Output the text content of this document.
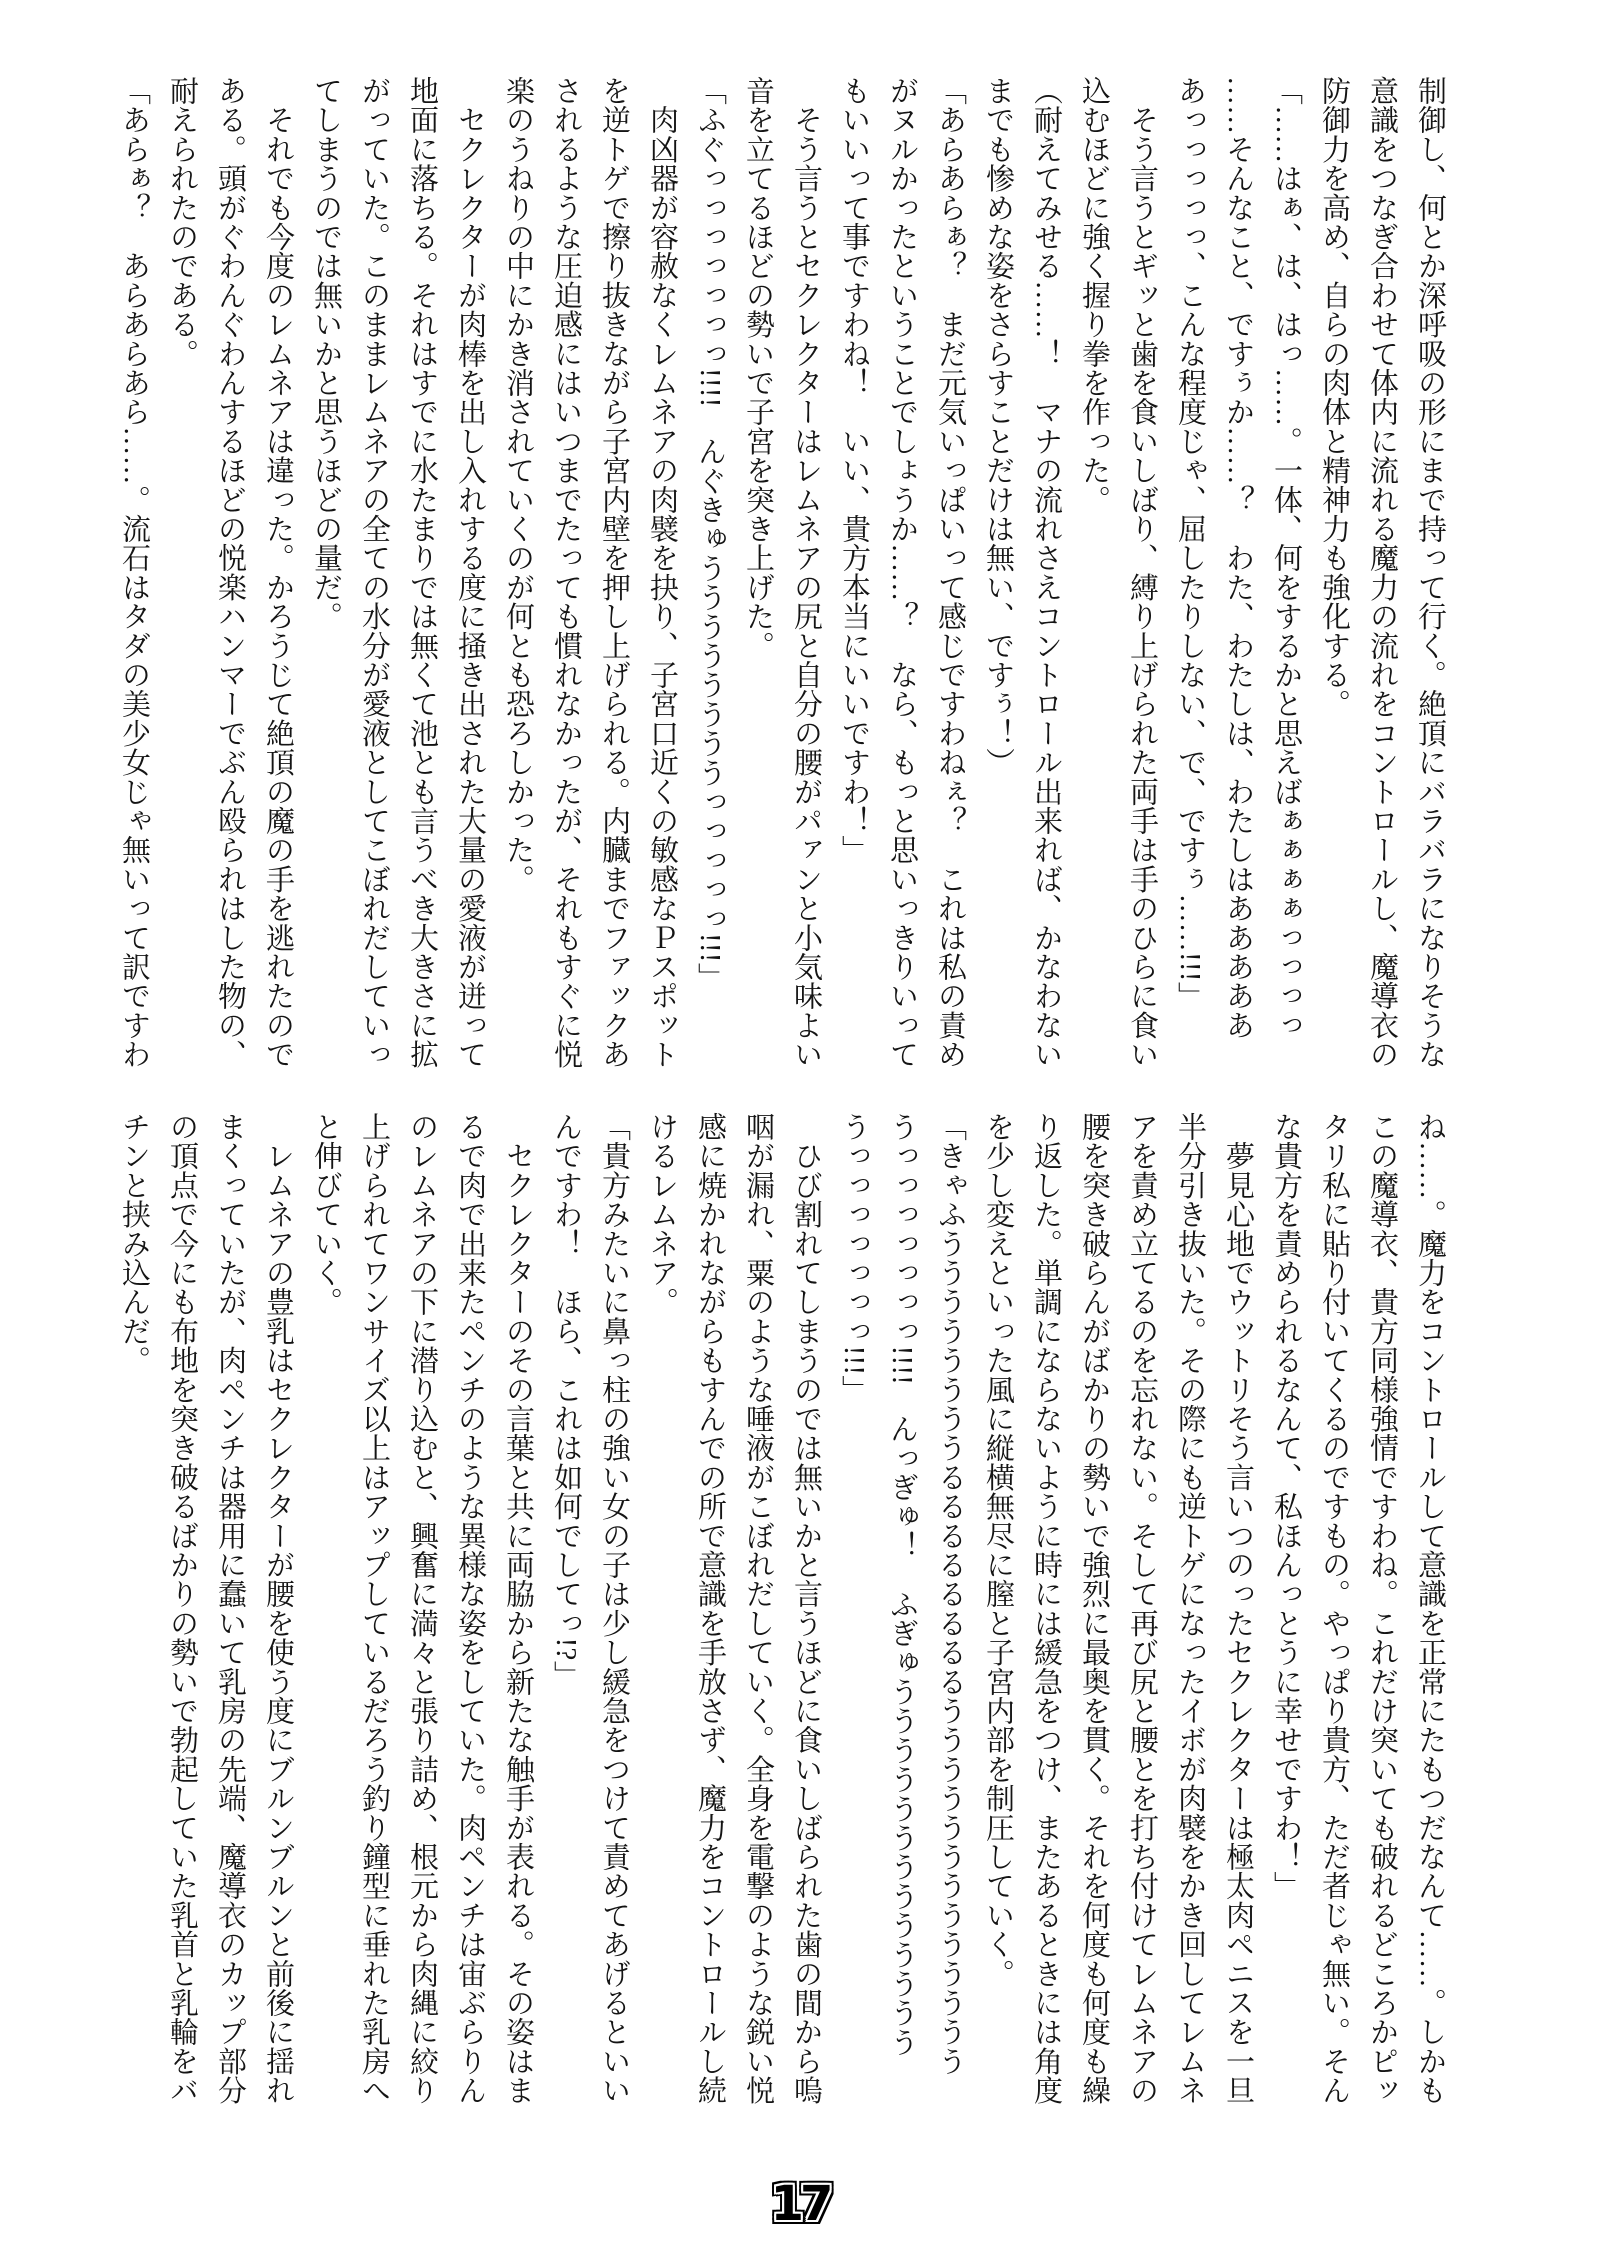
制御し、何とか深呼吸の形にまで持って行く。絶頂にバラバラになりそうな

意識をつなぎ合わせて体内に流れる魔力の流れをコントロールし、魔導衣の

防御力を高め、自らの肉体と精神力も強化する。

「……はぁ、は、はっ……。一体、何をするかと思えばぁぁぁぁっっっっ

……そんなこと、ですぅか……？　わた、わたしは、わたしはあああああ

あっっっっっ、こんな程度じゃ、屈したりしない、で、ですぅ……!!!」

　そう言うとギッと歯を食いしばり、縛り上げられた両手は手のひらに食い

込むほどに強く握り拳を作った。

（耐えてみせる……！　マナの流れさえコントロール出来れば、かなわない

までも惨めな姿をさらすことだけは無い、ですぅ！）

「あらあらぁ？　まだ元気いっぱいって感じですわねぇ？　これは私の責め

がヌルかったということでしょうか……？　なら、もっと思いっきりいって

もいいって事ですわね！　いい、貴方本当にいいですわ！」

　そう言うとセクレクターはレムネアの尻と自分の腰がパァンと小気味よい

音を立てるほどの勢いで子宮を突き上げた。

「ふぐっっっっっっっ!!!!　んぐきゅううううううううっっっっっ!!!」

　肉凶器が容赦なくレムネアの肉襞を抉り、子宮口近くの敏感なＰスポット

を逆トゲで擦り抜きながら子宮内壁を押し上げられる。内臓までファックあ

されるような圧迫感にはいつまでたっても慣れなかったが、それもすぐに悦

楽のうねりの中にかき消されていくのが何とも恐ろしかった。

　セクレクターが肉棒を出し入れする度に掻き出された大量の愛液が迸って

地面に落ちる。それはすでに水たまりでは無くて池とも言うべき大きさに拡

がっていた。このままレムネアの全ての水分が愛液としてこぼれだしていっ

てしまうのでは無いかと思うほどの量だ。

　それでも今度のレムネアは違った。かろうじて絶頂の魔の手を逃れたので

ある。頭がぐわんぐわんするほどの悦楽ハンマーでぶん殴られはした物の、

耐えられたのである。

「あらぁ？　あらあらあら……。流石はタダの美少女じゃ無いって訳ですわ

ね……。魔力をコントロールして意識を正常にたもつだなんて……。しかも

この魔導衣、貴方同様強情ですわね。これだけ突いても破れるどころかピッ

タリ私に貼り付いてくるのですもの。やっぱり貴方、ただ者じゃ無い。そん

な貴方を責められるなんて、私ほんっとうに幸せですわ！」

　夢見心地でウットリそう言いつのったセクレクターは極太肉ペニスを一旦

半分引き抜いた。その際にも逆トゲになったイボが肉襞をかき回してレムネ

アを責め立てるのを忘れない。そして再び尻と腰とを打ち付けてレムネアの

腰を突き破らんがばかりの勢いで強烈に最奥を貫く。それを何度も何度も繰

り返した。単調にならないように時には緩急をつけ、またあるときには角度

を少し変えといった風に縦横無尽に膣と子宮内部を制圧していく。

「きゃふううううううううるるるるるるるるううううううううううううう

うっっっっっっっ!!!!　んっぎゅ！　ふぎゅううううううううううううう

うっっっっっっっ!!!」

　ひび割れてしまうのでは無いかと言うほどに食いしばられた歯の間から嗚

咽が漏れ、粟のような唾液がこぼれだしていく。全身を電撃のような鋭い悦

感に焼かれながらもすんでの所で意識を手放さず、魔力をコントロールし続

けるレムネア。

「貴方みたいに鼻っ柱の強い女の子は少し緩急をつけて責めてあげるといい

んですわ！　ほら、これは如何でしてっ!?」

　セクレクターのその言葉と共に両脇から新たな触手が表れる。その姿はま

るで肉で出来たペンチのような異様な姿をしていた。肉ペンチは宙ぶらりん

のレムネアの下に潜り込むと、興奮に満々と張り詰め、根元から肉縄に絞り

上げられてワンサイズ以上はアップしているだろう釣り鐘型に垂れた乳房へ

と伸びていく。

　レムネアの豊乳はセクレクターが腰を使う度にブルンブルンと前後に揺れ

まくっていたが、肉ペンチは器用に蠢いて乳房の先端、魔導衣のカップ部分

の頂点で今にも布地を突き破るばかりの勢いで勃起していた乳首と乳輪をバ

チンと挟み込んだ。

17
